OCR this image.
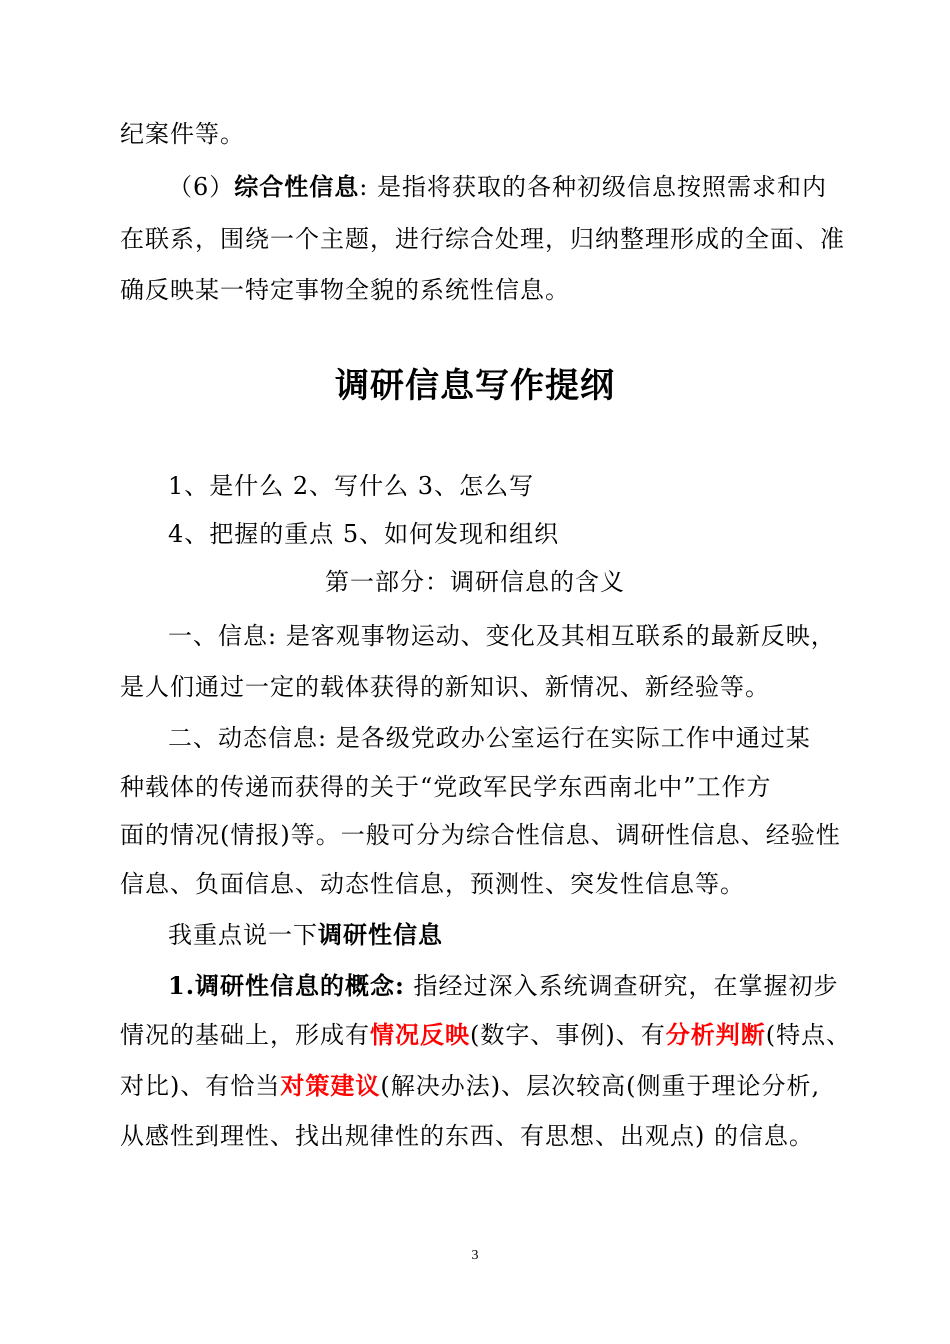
纪案件等。
（6）综合性信息: 是指将获取的各种初级信息按照需求和内
在联系，围绕一个主题，进行综合处理，归纳整理形成的全面、准
确反映某一特定事物全貌的系统性信息。
调研信息写作提纲
1、是什么 2、写什么 3、怎么写
4、把握的重点 5、如何发现和组织
第一部分：调研信息的含义
一、信息: 是客观事物运动、变化及其相互联系的最新反映，
是人们通过一定的载体获得的新知识、新情况、新经验等。
二、动态信息: 是各级党政办公室运行在实际工作中通过某
种载体的传递而获得的关于“党政军民学东西南北中”工作方
面的情况(情报)等。一般可分为综合性信息、调研性信息、经验性
信息、负面信息、动态性信息，预测性、突发性信息等。
我重点说一下调研性信息
1.调研性信息的概念: 指经过深入系统调查研究，在掌握初步
情况的基础上，形成有情况反映(数字、事例)、有分析判断(特点、
对比)、有恰当对策建议(解决办法)、层次较高(侧重于理论分析,
从感性到理性、找出规律性的东西、有思想、出观点) 的信息。
3
